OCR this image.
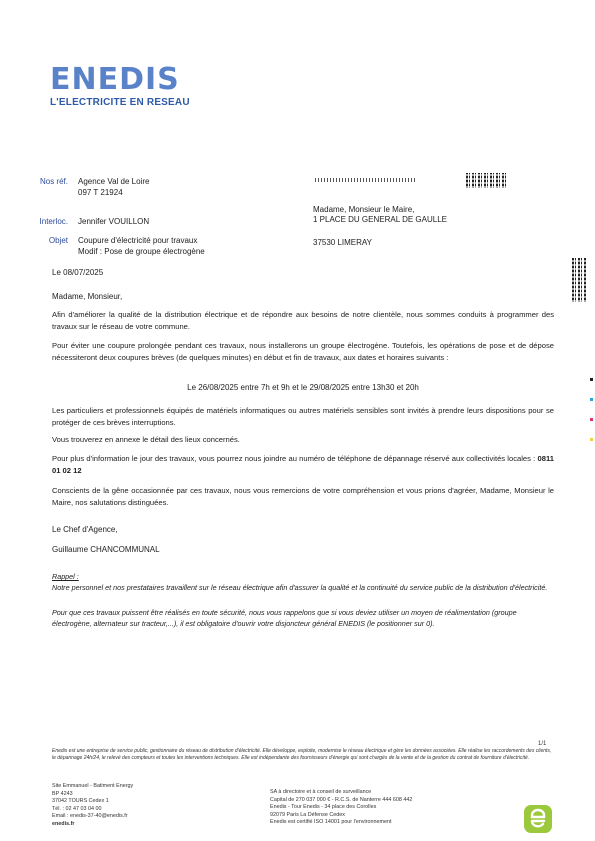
ENEDIS
L'ELECTRICITE EN RESEAU
Nos réf. Agence Val de Loire
097 T 21924
Interloc. Jennifer VOUILLON
Objet Coupure d'électricité pour travaux
Modif : Pose de groupe électrogène
Madame, Monsieur le Maire,
1 PLACE DU GENERAL DE GAULLE
37530 LIMERAY
Le 08/07/2025
Madame, Monsieur,
Afin d'améliorer la qualité de la distribution électrique et de répondre aux besoins de notre clientèle, nous sommes conduits à programmer des travaux sur le réseau de votre commune.
Pour éviter une coupure prolongée pendant ces travaux, nous installerons un groupe électrogène. Toutefois, les opérations de pose et de dépose nécessiteront deux coupures brèves (de quelques minutes) en début et fin de travaux, aux dates et horaires suivants :
Le 26/08/2025 entre 7h et 9h et le 29/08/2025 entre 13h30 et 20h
Les particuliers et professionnels équipés de matériels informatiques ou autres matériels sensibles sont invités à prendre leurs dispositions pour se protéger de ces brèves interruptions.
Vous trouverez en annexe le détail des lieux concernés.
Pour plus d'information le jour des travaux, vous pourrez nous joindre au numéro de téléphone de dépannage réservé aux collectivités locales : 0811 01 02 12
Conscients de la gêne occasionnée par ces travaux, nous vous remercions de votre compréhension et vous prions d'agréer, Madame, Monsieur le Maire, nos salutations distinguées.
Le Chef d'Agence,
Guillaume CHANCOMMUNAL
Rappel :
Notre personnel et nos prestataires travaillent sur le réseau électrique afin d'assurer la qualité et la continuité du service public de la distribution d'électricité.
Pour que ces travaux puissent être réalisés en toute sécurité, nous vous rappelons que si vous deviez utiliser un moyen de réalimentation (groupe électrogène, alternateur sur tracteur,...), il est obligatoire d'ouvrir votre disjoncteur général ENEDIS (le positionner sur 0).
1/1
Enedis est une entreprise de service public, gestionnaire du réseau de distribution d'électricité. Elle développe, exploite, modernise le réseau électrique et gère les données associées. Elle réalise les raccordements des clients, le dépannage 24h/24, le relevé des compteurs et toutes les interventions techniques. Elle est indépendante des fournisseurs d'énergie qui sont chargés de la vente et de la gestion du contrat de fourniture d'électricité.
Site Emmanuel - Batiment Energy
BP 4243
37042 TOURS Cedex 1
Tél. : 02 47 03 04 00
Email : enedis-37-40@enedis.fr
enedis.fr
SA à directoire et à conseil de surveillance
Capital de 270 037 000 € - R.C.S. de Nanterre 444 608 442
Enedis - Tour Enedis - 34 place des Corolles
92079 Paris La Défense Cedex
Enedis est certifié ISO 14001 pour l'environnement
